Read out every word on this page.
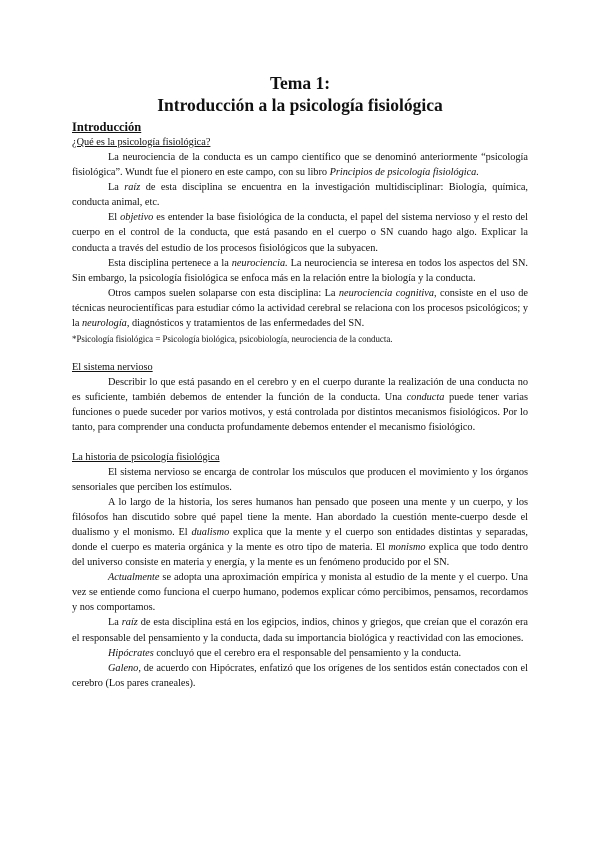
Tema 1:
Introducción a la psicología fisiológica
Introducción
¿Qué es la psicología fisiológica?

La neurociencia de la conducta es un campo científico que se denominó anteriormente “psicología fisiológica”. Wundt fue el pionero en este campo, con su libro Principios de psicología fisiológica.

La raíz de esta disciplina se encuentra en la investigación multidisciplinar: Biología, química, conducta animal, etc.

El objetivo es entender la base fisiológica de la conducta, el papel del sistema nervioso y el resto del cuerpo en el control de la conducta, que está pasando en el cuerpo o SN cuando hago algo. Explicar la conducta a través del estudio de los procesos fisiológicos que la subyacen.

Esta disciplina pertenece a la neurociencia. La neurociencia se interesa en todos los aspectos del SN. Sin embargo, la psicología fisiológica se enfoca más en la relación entre la biología y la conducta.

Otros campos suelen solaparse con esta disciplina: La neurociencia cognitiva, consiste en el uso de técnicas neurocientíficas para estudiar cómo la actividad cerebral se relaciona con los procesos psicológicos; y la neurología, diagnósticos y tratamientos de las enfermedades del SN.

*Psicología fisiológica = Psicología biológica, psicobiología, neurociencia de la conducta.

El sistema nervioso

Describir lo que está pasando en el cerebro y en el cuerpo durante la realización de una conducta no es suficiente, también debemos de entender la función de la conducta. Una conducta puede tener varias funciones o puede suceder por varios motivos, y está controlada por distintos mecanismos fisiológicos. Por lo tanto, para comprender una conducta profundamente debemos entender el mecanismo fisiológico.

La historia de psicología fisiológica

El sistema nervioso se encarga de controlar los músculos que producen el movimiento y los órganos sensoriales que perciben los estímulos.

A lo largo de la historia, los seres humanos han pensado que poseen una mente y un cuerpo, y los filósofos han discutido sobre qué papel tiene la mente. Han abordado la cuestión mente-cuerpo desde el dualismo y el monismo. El dualismo explica que la mente y el cuerpo son entidades distintas y separadas, donde el cuerpo es materia orgánica y la mente es otro tipo de materia. El monismo explica que todo dentro del universo consiste en materia y energía, y la mente es un fenómeno producido por el SN.

Actualmente se adopta una aproximación empírica y monista al estudio de la mente y el cuerpo. Una vez se entiende como funciona el cuerpo humano, podemos explicar cómo percibimos, pensamos, recordamos y nos comportamos.

La raíz de esta disciplina está en los egipcios, indios, chinos y griegos, que creían que el corazón era el responsable del pensamiento y la conducta, dada su importancia biológica y reactividad con las emociones.

Hipócrates concluyó que el cerebro era el responsable del pensamiento y la conducta.

Galeno, de acuerdo con Hipócrates, enfatizó que los orígenes de los sentidos están conectados con el cerebro (Los pares craneales).
